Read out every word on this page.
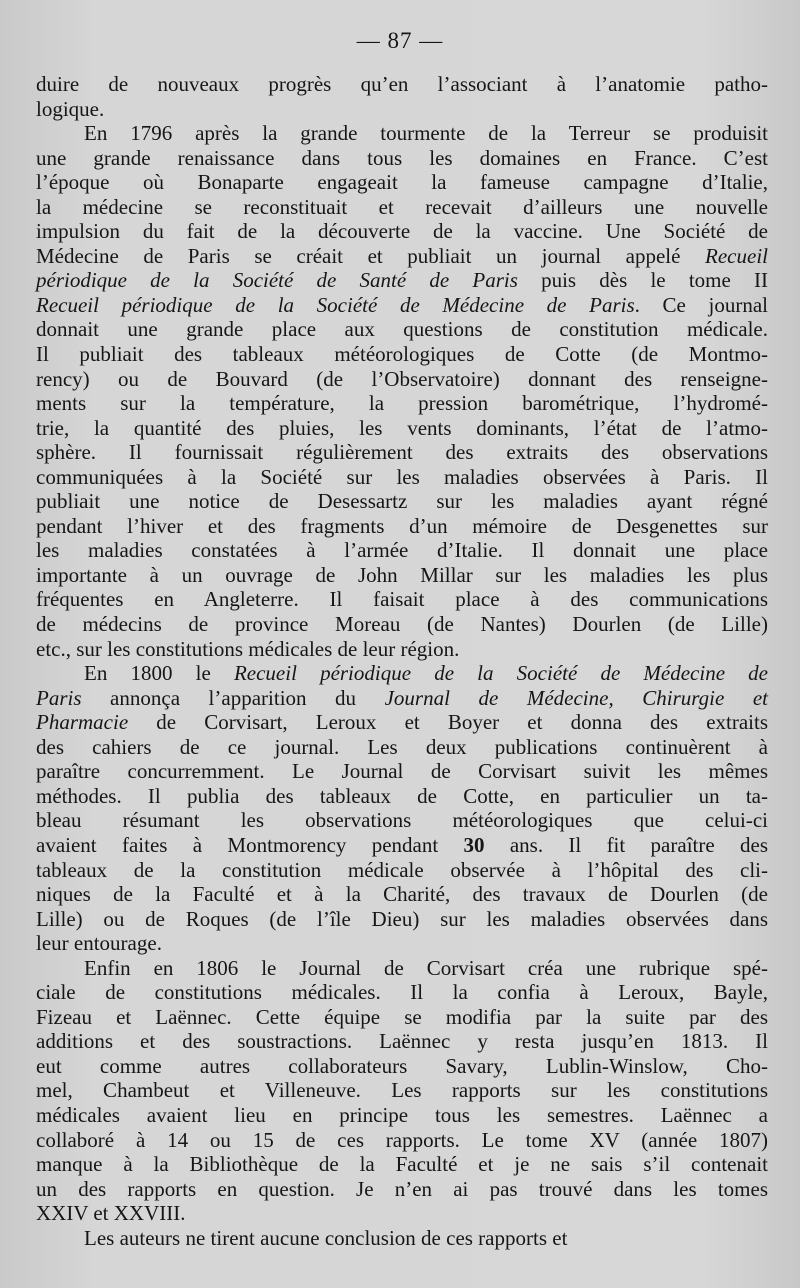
— 87 —
duire de nouveaux progrès qu’en l’associant à l’anatomie patho-
logique.
En 1796 après la grande tourmente de la Terreur se produisit
une grande renaissance dans tous les domaines en France. C’est
l’époque où Bonaparte engageait la fameuse campagne d’Italie,
la médecine se reconstituait et recevait d’ailleurs une nouvelle
impulsion du fait de la découverte de la vaccine. Une Société de
Médecine de Paris se créait et publiait un journal appelé Recueil
périodique de la Société de Santé de Paris puis dès le tome II
Recueil périodique de la Société de Médecine de Paris. Ce journal
donnait une grande place aux questions de constitution médicale.
Il publiait des tableaux météorologiques de Cotte (de Montmo-
rency) ou de Bouvard (de l’Observatoire) donnant des renseigne-
ments sur la température, la pression barométrique, l’hydromé-
trie, la quantité des pluies, les vents dominants, l’état de l’atmo-
sphère. Il fournissait régulièrement des extraits des observations
communiquées à la Société sur les maladies observées à Paris. Il
publiait une notice de Desessartz sur les maladies ayant régné
pendant l’hiver et des fragments d’un mémoire de Desgenettes sur
les maladies constatées à l’armée d’Italie. Il donnait une place
importante à un ouvrage de John Millar sur les maladies les plus
fréquentes en Angleterre. Il faisait place à des communications
de médecins de province Moreau (de Nantes) Dourlen (de Lille)
etc., sur les constitutions médicales de leur région.
En 1800 le Recueil périodique de la Société de Médecine de
Paris annonça l’apparition du Journal de Médecine, Chirurgie et
Pharmacie de Corvisart, Leroux et Boyer et donna des extraits
des cahiers de ce journal. Les deux publications continuèrent à
paraître concurremment. Le Journal de Corvisart suivit les mêmes
méthodes. Il publia des tableaux de Cotte, en particulier un ta-
bleau résumant les observations météorologiques que celui-ci
avaient faites à Montmorency pendant 30 ans. Il fit paraître des
tableaux de la constitution médicale observée à l’hôpital des cli-
niques de la Faculté et à la Charité, des travaux de Dourlen (de
Lille) ou de Roques (de l’île Dieu) sur les maladies observées dans
leur entourage.
Enfin en 1806 le Journal de Corvisart créa une rubrique spé-
ciale de constitutions médicales. Il la confia à Leroux, Bayle,
Fizeau et Laënnec. Cette équipe se modifia par la suite par des
additions et des soustractions. Laënnec y resta jusqu’en 1813. Il
eut comme autres collaborateurs Savary, Lublin-Winslow, Cho-
mel, Chambeut et Villeneuve. Les rapports sur les constitutions
médicales avaient lieu en principe tous les semestres. Laënnec a
collaboré à 14 ou 15 de ces rapports. Le tome XV (année 1807)
manque à la Bibliothèque de la Faculté et je ne sais s’il contenait
un des rapports en question. Je n’en ai pas trouvé dans les tomes
XXIV et XXVIII.
Les auteurs ne tirent aucune conclusion de ces rapports et
